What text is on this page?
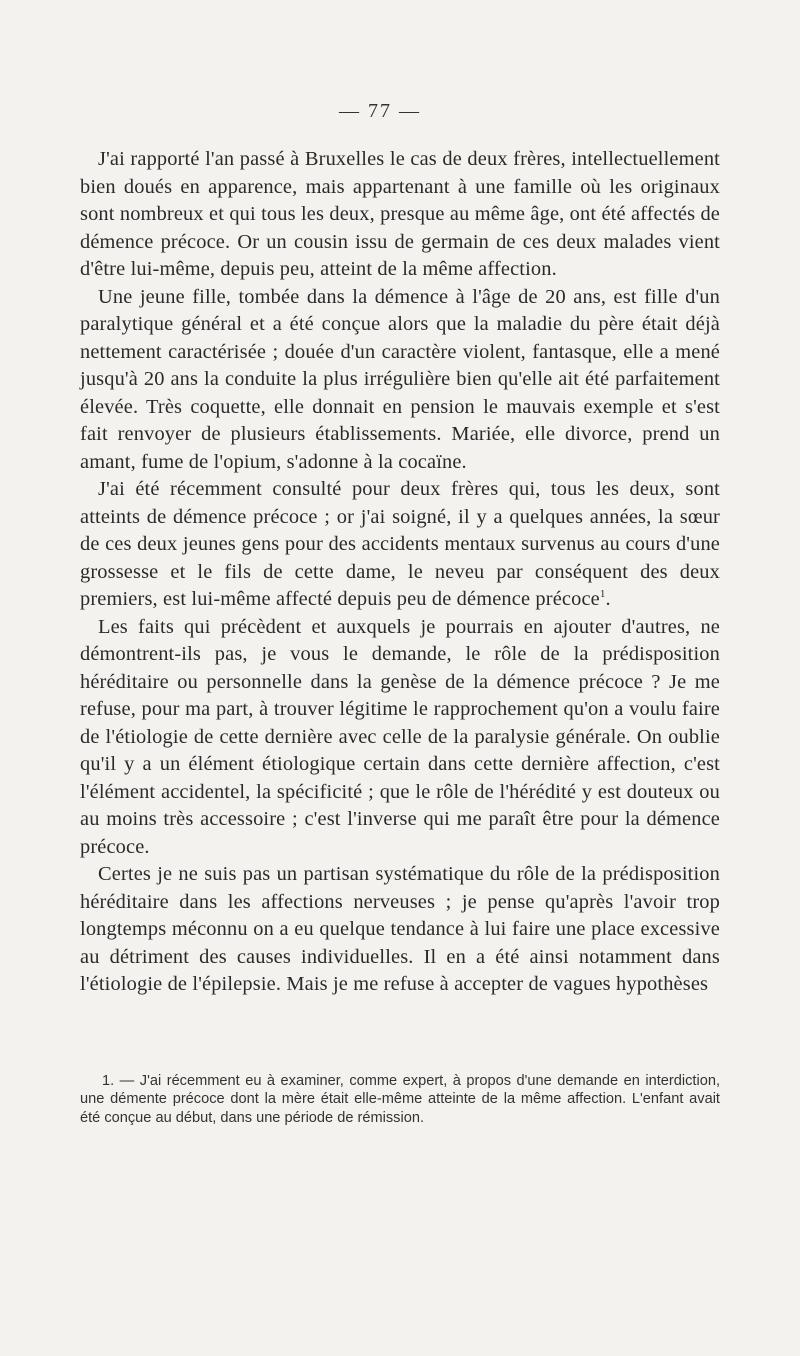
— 77 —

J'ai rapporté l'an passé à Bruxelles le cas de deux frères, intellectuellement bien doués en apparence, mais appartenant à une famille où les originaux sont nombreux et qui tous les deux, presque au même âge, ont été affectés de démence précoce. Or un cousin issu de germain de ces deux malades vient d'être lui-même, depuis peu, atteint de la même affection.

Une jeune fille, tombée dans la démence à l'âge de 20 ans, est fille d'un paralytique général et a été conçue alors que la maladie du père était déjà nettement caractérisée ; douée d'un caractère violent, fantasque, elle a mené jusqu'à 20 ans la conduite la plus irrégulière bien qu'elle ait été parfaitement élevée. Très coquette, elle donnait en pension le mauvais exemple et s'est fait renvoyer de plusieurs établissements. Mariée, elle divorce, prend un amant, fume de l'opium, s'adonne à la cocaïne.

J'ai été récemment consulté pour deux frères qui, tous les deux, sont atteints de démence précoce ; or j'ai soigné, il y a quelques années, la sœur de ces deux jeunes gens pour des accidents mentaux survenus au cours d'une grossesse et le fils de cette dame, le neveu par conséquent des deux premiers, est lui-même affecté depuis peu de démence précoce$^1$.

Les faits qui précèdent et auxquels je pourrais en ajouter d'autres, ne démontrent-ils pas, je vous le demande, le rôle de la prédisposition héréditaire ou personnelle dans la genèse de la démence précoce ? Je me refuse, pour ma part, à trouver légitime le rapprochement qu'on a voulu faire de l'étiologie de cette dernière avec celle de la paralysie générale. On oublie qu'il y a un élément étiologique certain dans cette dernière affection, c'est l'élément accidentel, la spécificité ; que le rôle de l'hérédité y est douteux ou au moins très accessoire ; c'est l'inverse qui me paraît être pour la démence précoce.

Certes je ne suis pas un partisan systématique du rôle de la prédisposition héréditaire dans les affections nerveuses ; je pense qu'après l'avoir trop longtemps méconnu on a eu quelque tendance à lui faire une place excessive au détriment des causes individuelles. Il en a été ainsi notamment dans l'étiologie de l'épilepsie. Mais je me refuse à accepter de vagues hypothèses

1. — J'ai récemment eu à examiner, comme expert, à propos d'une demande en interdiction, une démente précoce dont la mère était elle-même atteinte de la même affection. L'enfant avait été conçue au début, dans une période de rémission.
